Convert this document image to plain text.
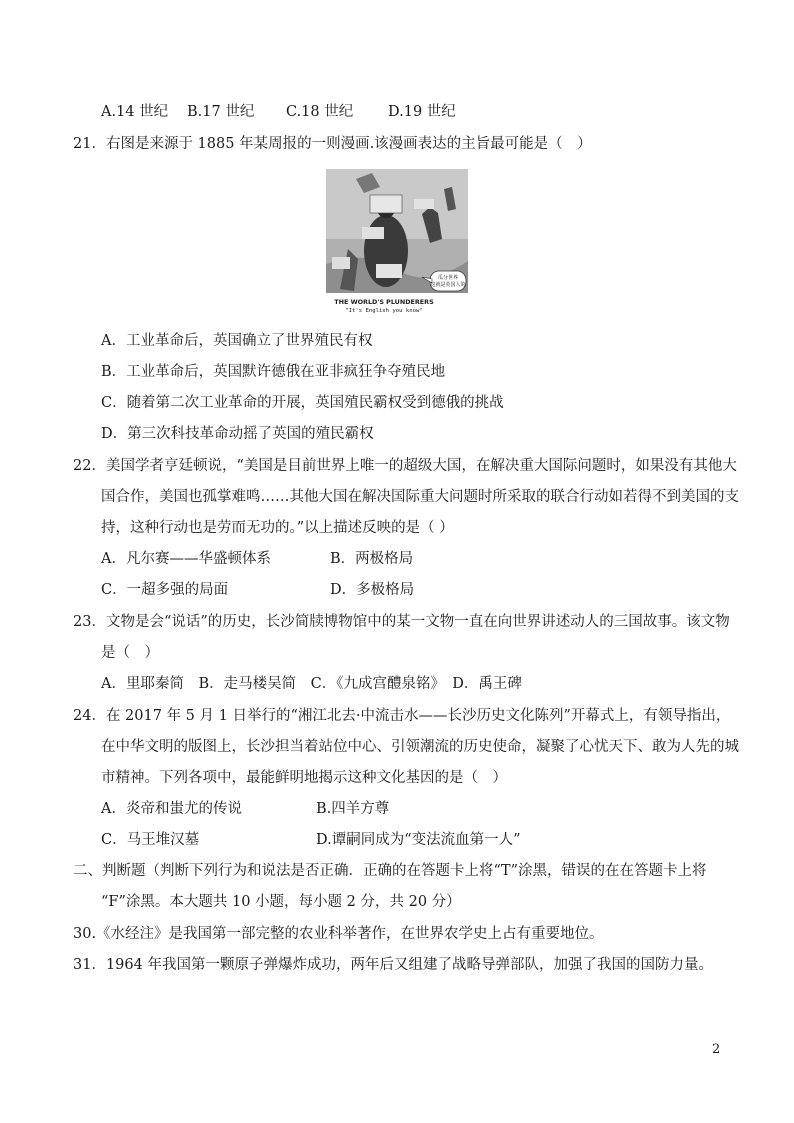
A.14 世纪 B.17 世纪 C.18 世纪 D.19 世纪
21．右图是来源于 1885 年某周报的一则漫画.该漫画表达的主旨最可能是（　）
瓜分世界
这就是英国人的
THE WORLD'S PLUNDERERS
"It's English you know"
A．工业革命后，英国确立了世界殖民有权
B．工业革命后，英国默许德俄在亚非疯狂争夺殖民地
C．随着第二次工业革命的开展，英国殖民霸权受到德俄的挑战
D．第三次科技革命动摇了英国的殖民霸权
22．美国学者亨廷顿说，“美国是目前世界上唯一的超级大国，在解决重大国际问题时，如果没有其他大
国合作，美国也孤掌难鸣……其他大国在解决国际重大问题时所采取的联合行动如若得不到美国的支
持，这种行动也是劳而无功的。”以上描述反映的是（ ）
A．凡尔赛——华盛顿体系	B．两极格局
C．一超多强的局面	D．多极格局
23．文物是会“说话”的历史，长沙简牍博物馆中的某一文物一直在向世界讲述动人的三国故事。该文物
是（　）
A．里耶秦简　B．走马楼吴简　C．《九成宫醴泉铭》　D．禹王碑
24．在 2017 年 5 月 1 日举行的“湘江北去·中流击水——长沙历史文化陈列”开幕式上，有领导指出，
在中华文明的版图上，长沙担当着站位中心、引领潮流的历史使命，凝聚了心忧天下、敢为人先的城
市精神。下列各项中，最能鲜明地揭示这种文化基因的是（　）
A．炎帝和蚩尤的传说	B.四羊方尊
C．马王堆汉墓	D.谭嗣同成为“变法流血第一人”
二、判断题（判断下列行为和说法是否正确．正确的在答题卡上将“T”涂黑，错误的在在答题卡上将
“F”涂黑。本大题共 10 小题，每小题 2 分，共 20 分）
30.《水经注》是我国第一部完整的农业科举著作，在世界农学史上占有重要地位。
31．1964 年我国第一颗原子弹爆炸成功，两年后又组建了战略导弹部队，加强了我国的国防力量。
2
